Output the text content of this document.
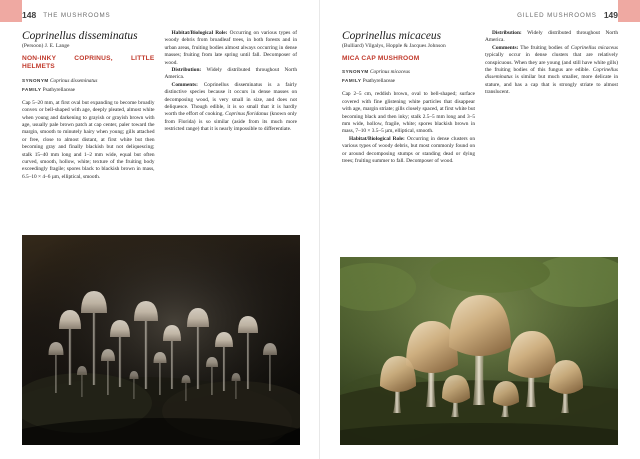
148 THE MUSHROOMS
Coprinellus disseminatus
(Persoon) J. E. Lange
NON-INKY COPRINUS, LITTLE HELMETS
SYNONYM Coprinus disseminatus
FAMILY Psathyrellaceae

Cap 5–20 mm, at first oval but expanding to become broadly convex or bell-shaped with age, deeply pleated, almost white when young and darkening to grayish or grayish brown with age, usually pale brown patch at cap center, paler toward the margin, smooth to minutely hairy when young; gills attached or free, close to almost distant, at first white but then becoming gray and finally blackish but not deliquescing; stalk 15–40 mm long and 1–2 mm wide, equal but often curved, smooth, hollow, white; texture of the fruiting body exceedingly fragile; spores black to blackish brown in mass, 6.5–10 × 4–6 µm, elliptical, smooth.

Habitat/Biological Role: Occurring on various types of woody debris from broadleaf trees, in both forests and in urban areas, fruiting bodies almost always occurring in dense masses; fruiting from late spring until fall. Decomposer of wood.

Distribution: Widely distributed throughout North America.

Comments: Coprinellus disseminatus is a fairly distinctive species because it occurs in dense masses on decomposing wood, is very small in size, and does not deliquesce. Though edible, it is so small that it is hardly worth the effort of cooking. Coprinus floridanus (known only from Florida) is so similar (aside from its much more restricted range) that it is nearly impossible to differentiate.

GILLED MUSHROOMS 149
Coprinellus micaceus
(Bulliard) Vilgalys, Hopple & Jacques Johnson
MICA CAP MUSHROOM
SYNONYM Coprinus micaceus
FAMILY Psathyrellaceae

Cap 2–5 cm, reddish brown, oval to bell-shaped; surface covered with fine glistening white particles that disappear with age, margin striate; gills closely spaced, at first white but becoming black and then inky; stalk 2.5–5 mm long and 3–5 mm wide, hollow, fragile, white; spores blackish brown in mass, 7–10 × 3.5–5 µm, elliptical, smooth.

Habitat/Biological Role: Occurring in dense clusters on various types of woody debris, but most commonly found on or around decomposing stumps or standing dead or dying trees; fruiting summer to fall. Decomposer of wood.

Distribution: Widely distributed throughout North America.

Comments: The fruiting bodies of Coprinellus micaceus typically occur in dense clusters that are relatively conspicuous. When they are young (and still have white gills) the fruiting bodies of this fungus are edible. Coprinellus disseminatus is similar but much smaller, more delicate in stature, and has a cap that is strongly striate to almost translucent.
